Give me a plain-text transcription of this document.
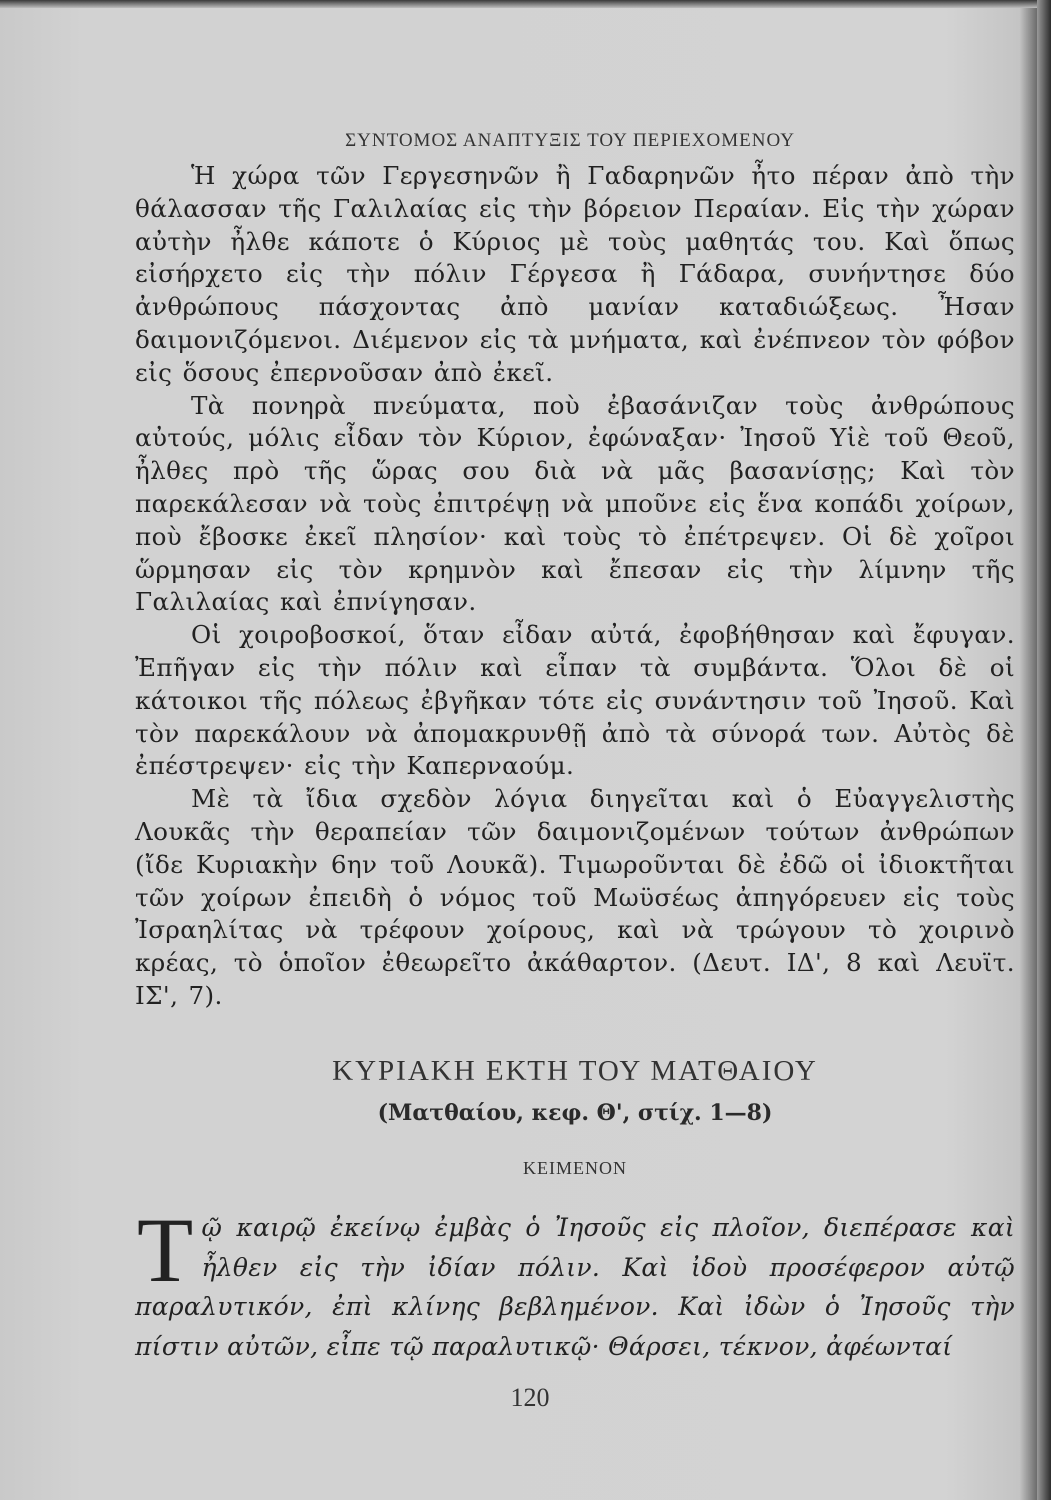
ΣΥΝΤΟΜΟΣ ΑΝΑΠΤΥΞΙΣ ΤΟΥ ΠΕΡΙΕΧΟΜΕΝΟΥ

Ἡ χώρα τῶν Γεργεσηνῶν ἢ Γαδαρηνῶν ἦτο πέραν ἀπὸ τὴν θάλασσαν τῆς Γαλιλαίας εἰς τὴν βόρειον Περαίαν. Εἰς τὴν χώραν αὐτὴν ἦλθε κάποτε ὁ Κύριος μὲ τοὺς μαθητάς του. Καὶ ὅπως εἰσήρχετο εἰς τὴν πόλιν Γέργεσα ἢ Γάδαρα, συνήντησε δύο ἀνθρώπους πάσχοντας ἀπὸ μανίαν καταδιώξεως. Ἦσαν δαιμονιζόμενοι. Διέμενον εἰς τὰ μνήματα, καὶ ἐνέπνεον τὸν φόβον εἰς ὅσους ἐπερνοῦσαν ἀπὸ ἐκεῖ.

Τὰ πονηρὰ πνεύματα, ποὺ ἐβασάνιζαν τοὺς ἀνθρώπους αὐτούς, μόλις εἶδαν τὸν Κύριον, ἐφώναξαν· Ἰησοῦ Υἱὲ τοῦ Θεοῦ, ἦλθες πρὸ τῆς ὥρας σου διὰ νὰ μᾶς βασανίσῃς; Καὶ τὸν παρεκάλεσαν νὰ τοὺς ἐπιτρέψῃ νὰ μποῦνε εἰς ἕνα κοπάδι χοίρων, ποὺ ἔβοσκε ἐκεῖ πλησίον· καὶ τοὺς τὸ ἐπέτρεψεν. Οἱ δὲ χοῖροι ὥρμησαν εἰς τὸν κρημνὸν καὶ ἔπεσαν εἰς τὴν λίμνην τῆς Γαλιλαίας καὶ ἐπνίγησαν.

Οἱ χοιροβοσκοί, ὅταν εἶδαν αὐτά, ἐφοβήθησαν καὶ ἔφυγαν. Ἐπῆγαν εἰς τὴν πόλιν καὶ εἶπαν τὰ συμβάντα. Ὅλοι δὲ οἱ κάτοικοι τῆς πόλεως ἐβγῆκαν τότε εἰς συνάντησιν τοῦ Ἰησοῦ. Καὶ τὸν παρεκάλουν νὰ ἀπομακρυνθῇ ἀπὸ τὰ σύνορά των. Αὐτὸς δὲ ἐπέστρεψεν· εἰς τὴν Καπερναούμ.

Μὲ τὰ ἴδια σχεδὸν λόγια διηγεῖται καὶ ὁ Εὐαγγελιστὴς Λουκᾶς τὴν θεραπείαν τῶν δαιμονιζομένων τούτων ἀνθρώπων (ἴδε Κυριακὴν 6ην τοῦ Λουκᾶ). Τιμωροῦνται δὲ ἐδῶ οἱ ἰδιοκτῆται τῶν χοίρων ἐπειδὴ ὁ νόμος τοῦ Μωϋσέως ἀπηγόρευεν εἰς τοὺς Ἰσραηλίτας νὰ τρέφουν χοίρους, καὶ νὰ τρώγουν τὸ χοιρινὸ κρέας, τὸ ὁποῖον ἐθεωρεῖτο ἀκάθαρτον. (Δευτ. ΙΔ', 8 καὶ Λευϊτ. ΙΣ', 7).

ΚΥΡΙΑΚΗ ΕΚΤΗ ΤΟΥ ΜΑΤΘΑΙΟΥ
(Ματθαίου, κεφ. Θ', στίχ. 1—8)
ΚΕΙΜΕΝΟΝ
Τῷ καιρῷ ἐκείνῳ ἐμβὰς ὁ Ἰησοῦς εἰς πλοῖον, διεπέρασε καὶ ἦλθεν εἰς τὴν ἰδίαν πόλιν. Καὶ ἰδοὺ προσέφερον αὐτῷ παραλυτικόν, ἐπὶ κλίνης βεβλημένον. Καὶ ἰδὼν ὁ Ἰησοῦς τὴν πίστιν αὐτῶν, εἶπε τῷ παραλυτικῷ· Θάρσει, τέκνον, ἀφέωνταί
120
